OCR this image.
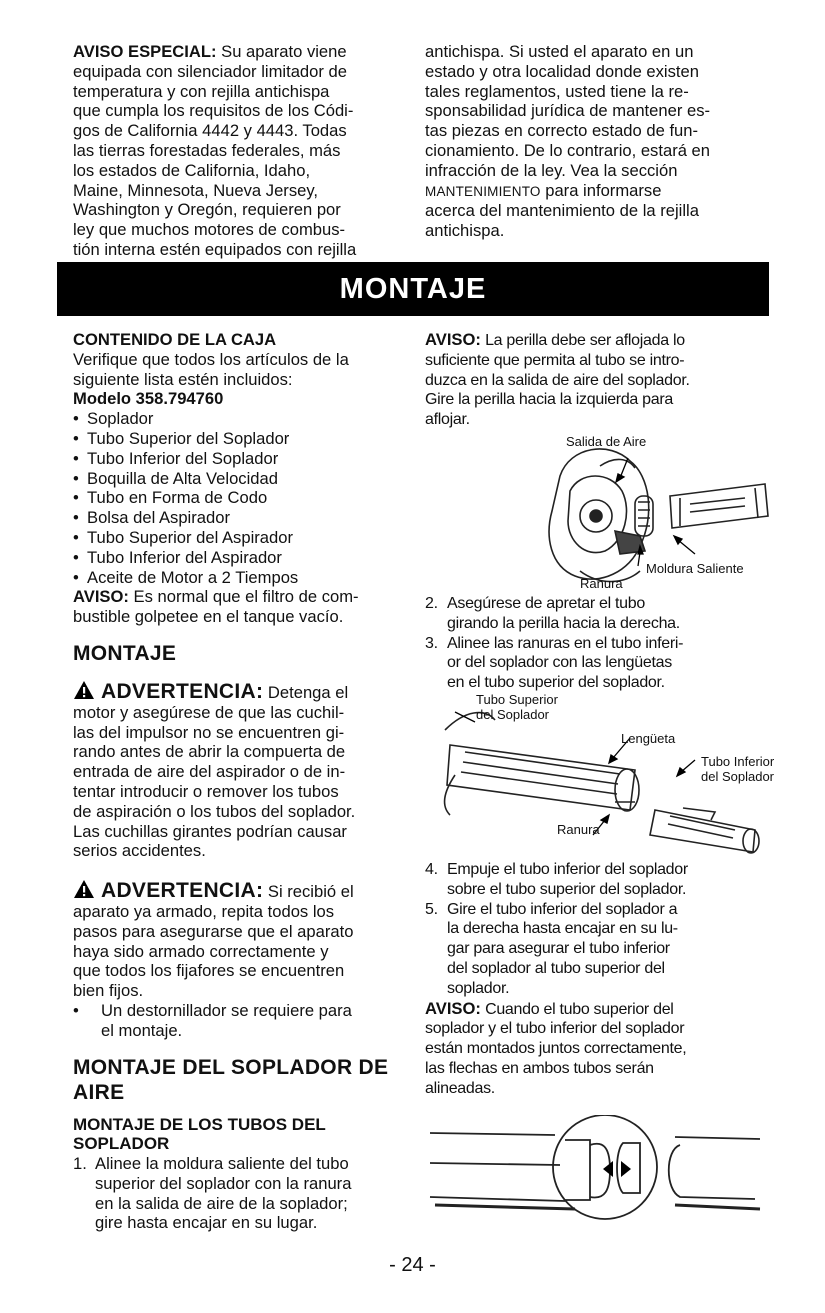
AVISO ESPECIAL: Su aparato viene

equipada con silenciador limitador de

temperatura y con rejilla antichispa

que cumpla los requisitos de los Códi-

gos de California 4442 y 4443. Todas

las tierras forestadas federales, más

los estados de California, Idaho,

Maine, Minnesota, Nueva Jersey,

Washington y Oregón, requieren por

ley que muchos motores de combus-

tión interna estén equipados con rejilla

antichispa. Si usted el aparato en un

estado y otra localidad donde existen

tales reglamentos, usted tiene la re-

sponsabilidad jurídica de mantener es-

tas piezas en correcto estado de fun-

cionamiento. De lo contrario, estará en

infracción de la ley. Vea la sección

MANTENIMIENTO para informarse

acerca del mantenimiento de la rejilla

antichispa.

MONTAJE

CONTENIDO DE LA CAJA

Verifique que todos los artículos de la

siguiente lista estén incluidos:

Modelo 358.794760

• Soplador
• Tubo Superior del Soplador
• Tubo Inferior del Soplador
• Boquilla de Alta Velocidad
• Tubo en Forma de Codo
• Bolsa del Aspirador
• Tubo Superior del Aspirador
• Tubo Inferior del Aspirador
• Aceite de Motor a 2 Tiempos

AVISO: Es normal que el filtro de com-

bustible golpetee en el tanque vacío.

MONTAJE

ADVERTENCIA: Detenga el

motor y asegúrese de que las cuchil-

las del impulsor no se encuentren gi-

rando antes de abrir la compuerta de

entrada de aire del aspirador o de in-

tentar introducir o remover los tubos

de aspiración o los tubos del soplador.

Las cuchillas girantes podrían causar

serios accidentes.

ADVERTENCIA: Si recibió el

aparato ya armado, repita todos los

pasos para asegurarse que el aparato

haya sido armado correctamente y

que todos los fijafores se encuentren

bien fijos.

• Un destornillador se requiere para
el montaje.

MONTAJE DEL SOPLADOR DE

AIRE

MONTAJE DE LOS TUBOS DEL

SOPLADOR

1. Alinee la moldura saliente del tubo
superior del soplador con la ranura
en la salida de aire de la soplador;
gire hasta encajar en su lugar.

AVISO: La perilla debe ser aflojada lo

suficiente que permita al tubo se intro-

duzca en la salida de aire del soplador.

Gire la perilla hacia la izquierda para

aflojar.

Salida de Aire
Moldura Saliente
Ranura
2. Asegúrese de apretar el tubo
girando la perilla hacia la derecha.
3. Alinee las ranuras en el tubo inferi-
or del soplador con las lengüetas
en el tubo superior del soplador.
Tubo Superior
del Soplador
Lengüeta
Tubo Inferior
del Soplador
Ranura
4. Empuje el tubo inferior del soplador
sobre el tubo superior del soplador.
5. Gire el tubo inferior del soplador a
la derecha hasta encajar en su lu-
gar para asegurar el tubo inferior
del soplador al tubo superior del
soplador.

AVISO: Cuando el tubo superior del

soplador y el tubo inferior del soplador

están montados juntos correctamente,

las flechas en ambos tubos serán

alineadas.

- 24 -
